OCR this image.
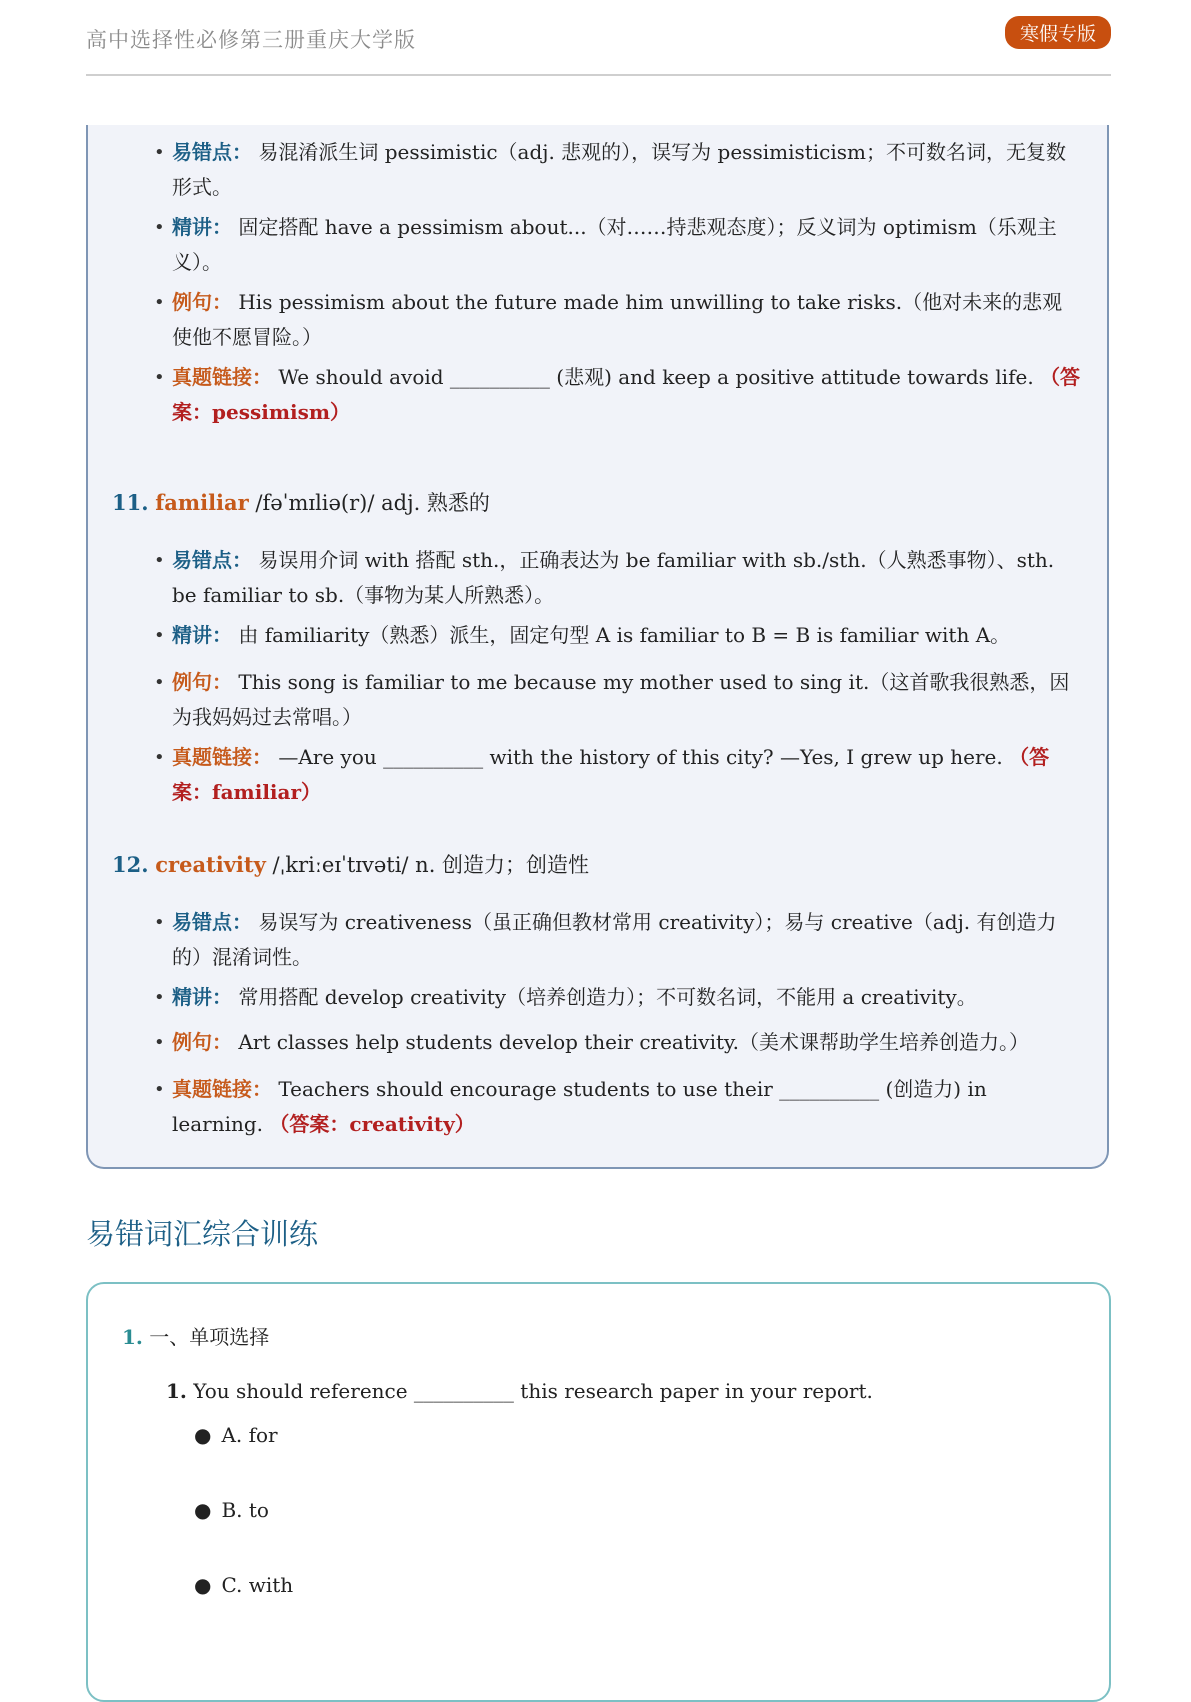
高中选择性必修第三册重庆大学版	寒假专版
• 易错点： 易混淆派生词 pessimistic（adj. 悲观的），误写为 pessimisticism；不可数名词，无复数形式。
• 精讲： 固定搭配 have a pessimism about...（对……持悲观态度）；反义词为 optimism（乐观主义）。
• 例句： His pessimism about the future made him unwilling to take risks.（他对未来的悲观使他不愿冒险。）
• 真题链接： We should avoid __________ (悲观) and keep a positive attitude towards life. （答案：pessimism）
11. familiar /fəˈmɪliə(r)/ adj. 熟悉的
• 易错点： 易误用介词 with 搭配 sth.，正确表达为 be familiar with sb./sth.（人熟悉事物）、sth. be familiar to sb.（事物为某人所熟悉）。
• 精讲： 由 familiarity（熟悉）派生，固定句型 A is familiar to B = B is familiar with A。
• 例句： This song is familiar to me because my mother used to sing it.（这首歌我很熟悉，因为我妈妈过去常唱。）
• 真题链接： —Are you __________ with the history of this city? —Yes, I grew up here. （答案：familiar）
12. creativity /ˌkriːeɪˈtɪvəti/ n. 创造力；创造性
• 易错点： 易误写为 creativeness（虽正确但教材常用 creativity）；易与 creative（adj. 有创造力的）混淆词性。
• 精讲： 常用搭配 develop creativity（培养创造力）；不可数名词，不能用 a creativity。
• 例句： Art classes help students develop their creativity.（美术课帮助学生培养创造力。）
• 真题链接： Teachers should encourage students to use their __________ (创造力) in learning. （答案：creativity）
易错词汇综合训练
1. 一、单项选择
1. You should reference __________ this research paper in your report.
● A. for
● B. to
● C. with
